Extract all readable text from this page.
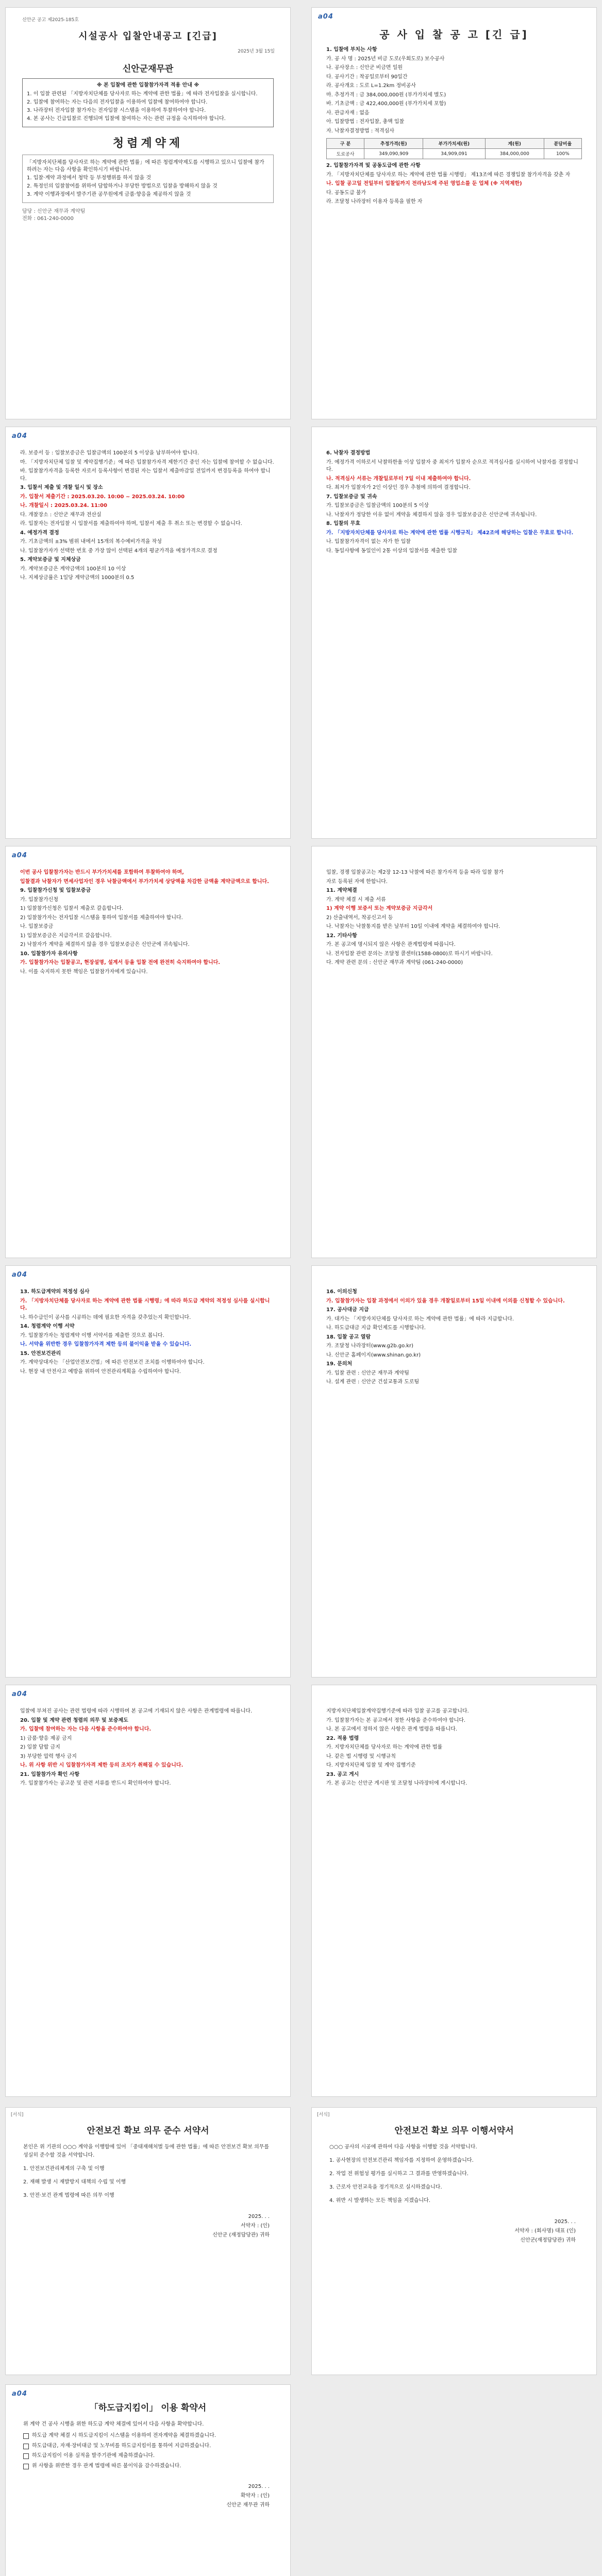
신안군 공고 제2025-185호
시설공사 입찰안내공고 [긴급]
2025년 3월 15일
신안군재무관
※ 본 입찰에 관한 입찰참가자격 적용 안내 ※

1. 이 입찰 관련된 「지방자치단체를 당사자로 하는 계약에 관한 법률」에 따라 전자입찰을 실시합니다.

2. 입찰에 참여하는 자는 다음의 전자입찰을 이용하여 입찰에 참여하여야 합니다.

3. 나라장터 전자입찰 참가자는 전자입찰 시스템을 이용하여 투찰하여야 합니다.

4. 본 공사는 긴급입찰로 진행되며 입찰에 참여하는 자는 관련 규정을 숙지하여야 합니다.

청렴계약제

「지방자치단체를 당사자로 하는 계약에 관한 법률」에 따른 청렴계약제도를 시행하고 있으니 입찰에 참가하려는 자는 다음 사항을 확인하시기 바랍니다.

1. 입찰·계약 과정에서 청탁 등 부정행위를 하지 않을 것

2. 특정인의 입찰참여를 위하여 담합하거나 부당한 방법으로 입찰을 방해하지 않을 것

3. 계약 이행과정에서 발주기관 공무원에게 금품·향응을 제공하지 않을 것

담당 : 신안군 재무과 계약팀
전화 : 061-240-0000
a04
공 사 입 찰 공 고 [긴 급]

1. 입찰에 부치는 사항

가. 공 사 명 : 2025년 비금 도로(우회도로) 보수공사

나. 공사장소 : 신안군 비금면 일원

다. 공사기간 : 착공일로부터 90일간

라. 공사개요 : 도로 L=1.2km 정비공사

마. 추정가격 : 금 384,000,000원 (부가가치세 별도)

바. 기초금액 : 금 422,400,000원 (부가가치세 포함)

사. 관급자재 : 없음

아. 입찰방법 : 전자입찰, 총액 입찰

자. 낙찰자결정방법 : 적격심사

구 분	추정가격(원)	부가가치세(원)	계(원)	분담비율
도로공사	349,090,909	34,909,091	384,000,000	100%

2. 입찰참가자격 및 공동도급에 관한 사항

가. 「지방자치단체를 당사자로 하는 계약에 관한 법률 시행령」 제13조에 따른 경쟁입찰 참가자격을 갖춘 자

나. 입찰 공고일 전일부터 입찰일까지 전라남도에 주된 영업소를 둔 업체 (※ 지역제한)

다. 공동도급 불가

라. 조달청 나라장터 이용자 등록을 필한 자

a04

라. 보증서 등 : 입찰보증금은 입찰금액의 100분의 5 이상을 납부하여야 합니다.

마. 「지방자치단체 입찰 및 계약집행기준」에 따른 입찰참가자격 제한기간 중인 자는 입찰에 참여할 수 없습니다.

바. 입찰참가자격을 등록한 자로서 등록사항이 변경된 자는 입찰서 제출마감일 전일까지 변경등록을 하여야 합니다.

3. 입찰서 제출 및 개찰 일시 및 장소

가. 입찰서 제출기간 : 2025.03.20. 10:00 ~ 2025.03.24. 10:00

나. 개찰일시 : 2025.03.24. 11:00

다. 개찰장소 : 신안군 재무과 전산실

라. 입찰자는 전자입찰 시 입찰서를 제출하여야 하며, 입찰서 제출 후 취소 또는 변경할 수 없습니다.

4. 예정가격 결정

가. 기초금액의 ±3% 범위 내에서 15개의 복수예비가격을 작성

나. 입찰참가자가 선택한 번호 중 가장 많이 선택된 4개의 평균가격을 예정가격으로 결정

5. 계약보증금 및 지체상금

가. 계약보증금은 계약금액의 100분의 10 이상

나. 지체상금률은 1일당 계약금액의 1000분의 0.5

6. 낙찰자 결정방법

가. 예정가격 이하로서 낙찰하한율 이상 입찰자 중 최저가 입찰자 순으로 적격심사를 실시하여 낙찰자를 결정합니다.

나. 적격심사 서류는 개찰일로부터 7일 이내 제출하여야 합니다.

다. 최저가 입찰자가 2인 이상인 경우 추첨에 의하여 결정합니다.

7. 입찰보증금 및 귀속

가. 입찰보증금은 입찰금액의 100분의 5 이상

나. 낙찰자가 정당한 이유 없이 계약을 체결하지 않을 경우 입찰보증금은 신안군에 귀속됩니다.

8. 입찰의 무효

가. 「지방자치단체를 당사자로 하는 계약에 관한 법률 시행규칙」 제42조에 해당하는 입찰은 무효로 합니다.

나. 입찰참가자격이 없는 자가 한 입찰

다. 동일사항에 동일인이 2통 이상의 입찰서를 제출한 입찰

a04

이번 공사 입찰참가자는 반드시 부가가치세를 포함하여 투찰하여야 하며,

입찰결과 낙찰자가 면세사업자인 경우 낙찰금액에서 부가가치세 상당액을 차감한 금액을 계약금액으로 합니다.

9. 입찰참가신청 및 입찰보증금

가. 입찰참가신청

1) 입찰참가신청은 입찰서 제출로 갈음합니다.

2) 입찰참가자는 전자입찰 시스템을 통하여 입찰서를 제출하여야 합니다.

나. 입찰보증금

1) 입찰보증금은 지급각서로 갈음합니다.

2) 낙찰자가 계약을 체결하지 않을 경우 입찰보증금은 신안군에 귀속됩니다.

10. 입찰참가자 유의사항

가. 입찰참가자는 입찰공고, 현장설명, 설계서 등을 입찰 전에 완전히 숙지하여야 합니다.

나. 이를 숙지하지 못한 책임은 입찰참가자에게 있습니다.

입찰, 경쟁 입찰공고는 제2장 12-13 낙찰에 따른 참가자격 등을 따라 입찰 참가

자로 등록된 자에 한합니다.

11. 계약체결

가. 계약 체결 시 제출 서류

1) 계약 이행 보증서 또는 계약보증금 지급각서

2) 산출내역서, 착공신고서 등

나. 낙찰자는 낙찰통지를 받은 날부터 10일 이내에 계약을 체결하여야 합니다.

12. 기타사항

가. 본 공고에 명시되지 않은 사항은 관계법령에 따릅니다.

나. 전자입찰 관련 문의는 조달청 콜센터(1588-0800)로 하시기 바랍니다.

다. 계약 관련 문의 : 신안군 재무과 계약팀 (061-240-0000)

a04

13. 하도급계약의 적정성 심사

가. 「지방자치단체를 당사자로 하는 계약에 관한 법률 시행령」에 따라 하도급 계약의 적정성 심사를 실시합니다.

나. 하수급인이 공사를 시공하는 데에 필요한 자격을 갖추었는지 확인합니다.

14. 청렴계약 이행 서약

가. 입찰참가자는 청렴계약 이행 서약서를 제출한 것으로 봅니다.

나. 서약을 위반한 경우 입찰참가자격 제한 등의 불이익을 받을 수 있습니다.

15. 안전보건관리

가. 계약상대자는 「산업안전보건법」에 따른 안전보건 조치를 이행하여야 합니다.

나. 현장 내 안전사고 예방을 위하여 안전관리계획을 수립하여야 합니다.

16. 이의신청

가. 입찰참가자는 입찰 과정에서 이의가 있을 경우 개찰일로부터 15일 이내에 이의를 신청할 수 있습니다.

17. 공사대금 지급

가. 대가는 「지방자치단체를 당사자로 하는 계약에 관한 법률」에 따라 지급합니다.

나. 하도급대금 지급 확인제도를 시행합니다.

18. 입찰 공고 열람

가. 조달청 나라장터(www.g2b.go.kr)

나. 신안군 홈페이지(www.shinan.go.kr)

19. 문의처

가. 입찰 관련 : 신안군 재무과 계약팀

나. 설계 관련 : 신안군 건설교통과 도로팀

a04

입찰에 부쳐진 공사는 관련 법령에 따라 시행하며 본 공고에 기재되지 않은 사항은 관계법령에 따릅니다.

20. 입찰 및 계약 관련 청렴의 의무 및 보증제도

가. 입찰에 참여하는 자는 다음 사항을 준수하여야 합니다.

1) 금품·향응 제공 금지

2) 입찰 담합 금지

3) 부당한 압력 행사 금지

나. 위 사항 위반 시 입찰참가자격 제한 등의 조치가 취해질 수 있습니다.

21. 입찰참가자 확인 사항

가. 입찰참가자는 공고문 및 관련 서류를 반드시 확인하여야 합니다.

지방자치단체입찰계약집행기준에 따라 입찰 공고를 공고합니다.

가. 입찰참가자는 본 공고에서 정한 사항을 준수하여야 합니다.

나. 본 공고에서 정하지 않은 사항은 관계 법령을 따릅니다.

22. 적용 법령

가. 지방자치단체를 당사자로 하는 계약에 관한 법률

나. 같은 법 시행령 및 시행규칙

다. 지방자치단체 입찰 및 계약 집행기준

23. 공고 게시

가. 본 공고는 신안군 게시판 및 조달청 나라장터에 게시합니다.

[서식]
안전보건 확보 의무 준수 서약서

본인은 위 기관의 ○○○ 계약을 이행함에 있어 「중대재해처벌 등에 관한 법률」에 따른 안전보건 확보 의무를 성실히 준수할 것을 서약합니다.

1. 안전보건관리체계의 구축 및 이행

2. 재해 발생 시 재발방지 대책의 수립 및 이행

3. 안전·보건 관계 법령에 따른 의무 이행

2025. . .
서약자 : (인)
신안군 (재정담당관) 귀하
[서식]
안전보건 확보 의무 이행서약서

○○○ 공사의 시공에 관하여 다음 사항을 이행할 것을 서약합니다.

1. 공사현장의 안전보건관리 책임자를 지정하여 운영하겠습니다.

2. 작업 전 위험성 평가를 실시하고 그 결과를 반영하겠습니다.

3. 근로자 안전교육을 정기적으로 실시하겠습니다.

4. 위반 시 발생하는 모든 책임을 지겠습니다.

2025. . .
서약자 : (회사명) 대표 (인)
신안군(재정담당관) 귀하
a04
「하도급지킴이」 이용 확약서
위 계약 건 공사 시행을 위한 하도급 계약 체결에 있어서 다음 사항을 확약합니다.
하도급 계약 체결 시 하도급지킴이 시스템을 이용하여 전자계약을 체결하겠습니다.
하도급대금, 자재·장비대금 및 노무비를 하도급지킴이를 통하여 지급하겠습니다.
하도급지킴이 이용 실적을 발주기관에 제출하겠습니다.
위 사항을 위반한 경우 관계 법령에 따른 불이익을 감수하겠습니다.
2025. . .
확약자 : (인)
신안군 재무관 귀하
